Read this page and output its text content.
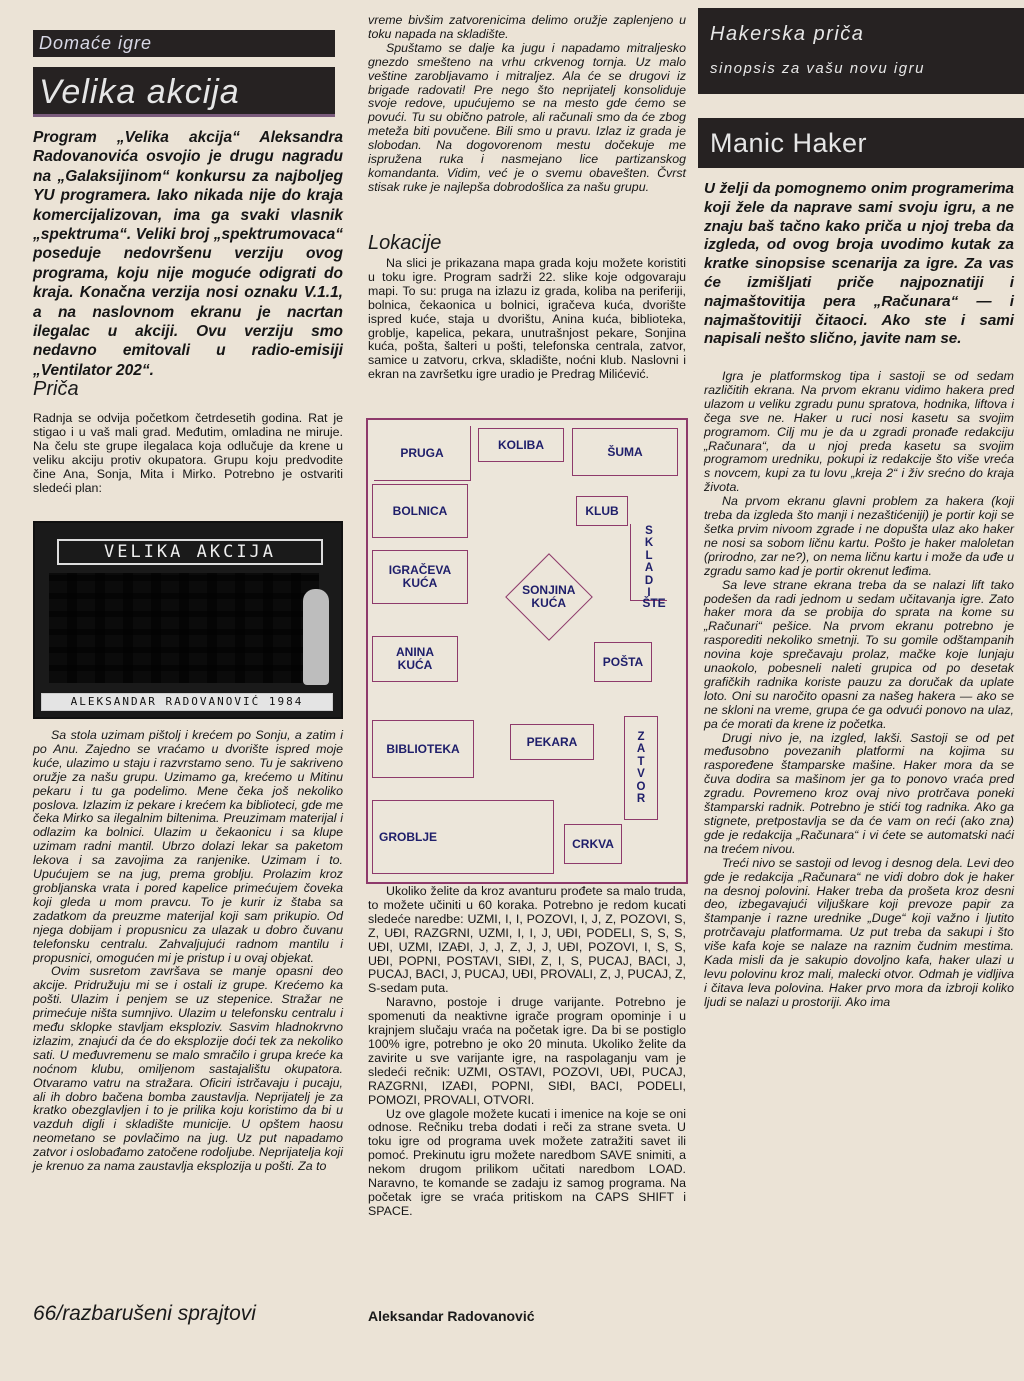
Domaće igre
Velika akcija

Program „Velika akcija“ Aleksandra Radovanovića osvojio je drugu nagradu na „Galaksijinom“ konkursu za najbolјeg YU programera. Iako nikada nije do kraja komercijalizovan, ima ga svaki vlasnik „spektruma“. Veliki broj „spektrumovaca“ poseduje nedovršenu verziju ovog programa, koju nije moguće odigrati do kraja. Konačna verzija nosi oznaku V.1.1, a na naslovnom ekranu je nacrtan ilegalac u akciji. Ovu verziju smo nedavno emitovali u radio-emisiji „Ventilator 202“.

Priča

Radnja se odvija početkom četrdesetih godina. Rat je stigao i u vaš mali grad. Međutim, omladina ne miruje. Na čelu ste grupe ilegalaca koja odlučuje da krene u veliku akciju protiv okupatora. Grupu koju predvodite čine Ana, Sonja, Mita i Mirko. Potrebno je ostvariti sledeći plan:

VELIKA AKCIJA
ALEKSANDAR RADOVANOVIĆ 1984

Sa stola uzimam pištolj i krećem po Sonju, a zatim i po Anu. Zajedno se vraćamo u dvorište ispred moje kuće, ulazimo u staju i razvrstamo seno. Tu je sakriveno oružje za našu grupu. Uzimamo ga, krećemo u Mitinu pekaru i tu ga podelimo. Mene čeka još nekoliko poslova. Izlazim iz pekare i krećem ka biblioteci, gde me čeka Mirko sa ilegalnim biltenima. Preuzimam materijal i odlazim ka bolnici. Ulazim u čekaonicu i sa klupe uzimam radni mantil. Ubrzo dolazi lekar sa paketom lekova i sa zavojima za ranjenike. Uzimam i to. Upućujem se na jug, prema groblju. Prolazim kroz grobljanska vrata i pored kapelice primećujem čoveka koji gleda u mom pravcu. To je kurir iz štaba sa zadatkom da preuzme materijal koji sam prikupio. Od njega dobijam i propusnicu za ulazak u dobro čuvanu telefonsku centralu. Zahvaljujući radnom mantilu i propusnici, omogućen mi je pristup i u ovaj objekat.

Ovim susretom završava se manje opasni deo akcije. Pridružuju mi se i ostali iz grupe. Krećemo ka pošti. Ulazim i penjem se uz stepenice. Stražar ne primećuje ništa sumnjivo. Ulazim u telefonsku centralu i među sklopke stavljam eksploziv. Sasvim hladnokrvno izlazim, znajući da će do eksplozije doći tek za nekoliko sati. U međuvremenu se malo smračilo i grupa kreće ka noćnom klubu, omiljenom sastajalištu okupatora. Otvaramo vatru na stražara. Oficiri istrčavaju i pucaju, ali ih dobro bačena bomba zaustavlja. Neprijatelj je za kratko obezglavljen i to je prilika koju koristimo da bi u vazduh digli i skladište municije. U opštem haosu neometano se povlačimo na jug. Uz put napadamo zatvor i oslobađamo zatočene rodoljube. Neprijatelja koji je krenuo za nama zaustavlja eksplozija u pošti. Za to

66/razbarušeni sprajtovi

vreme bivšim zatvorenicima delimo oružje zaplenjeno u toku napada na skladište.

Spuštamo se dalje ka jugu i napadamo mitraljesko gnezdo smešteno na vrhu crkvenog tornja. Uz malo veštine zarobljavamo i mitraljez. Ala će se drugovi iz brigade radovati! Pre nego što neprijatelj konsoliduje svoje redove, upućujemo se na mesto gde ćemo se povući. Tu su obično patrole, ali računali smo da će zbog meteža biti povučene. Bili smo u pravu. Izlaz iz grada je slobodan. Na dogovorenom mestu dočekuje me ispružena ruka i nasmejano lice partizanskog komandanta. Vidim, već je o svemu obavešten. Čvrst stisak ruke je najlepša dobrodošlica za našu grupu.

Lokacije

Na slici je prikazana mapa grada koju možete koristiti u toku igre. Program sadrži 22. slike koje odgovaraju mapi. To su: pruga na izlazu iz grada, koliba na periferiji, bolnica, čekaonica u bolnici, igračeva kuća, dvorište ispred kuće, staja u dvorištu, Anina kuća, biblioteka, groblje, kapelica, pekara, unutrašnjost pekare, Sonjina kuća, pošta, šalteri u pošti, telefonska centrala, zatvor, samice u zatvoru, crkva, skladište, noćni klub. Naslovni i ekran na završetku igre uradio je Predrag Milićević.

PRUGA
KOLIBA	ŠUMA
BOLNICA	KLUB
S
K
L
A
D
I
ŠTE
IGRAČEVA
KUĆA	SONJINA
KUĆA
ANINA
KUĆA	POŠTA
BIBLIOTEKA	PEKARA	Z
A
T
V
O
R
GROBLJE	CRKVA

Ukoliko želite da kroz avanturu prođete sa malo truda, to možete učiniti u 60 koraka. Potrebno je redom kucati sledeće naredbe: UZMI, I, I, POZOVI, I, J, Z, POZOVI, S, Z, UĐI, RAZGRNI, UZMI, I, I, J, UĐI, PODELI, S, S, S, UĐI, UZMI, IZAĐI, J, J, Z, J, J, UĐI, POZOVI, I, S, S, UĐI, POPNI, POSTAVI, SIĐI, Z, I, S, PUCAJ, BACI, J, PUCAJ, BACI, J, PUCAJ, UĐI, PROVALI, Z, J, PUCAJ, Z, S-sedam puta.

Naravno, postoje i druge varijante. Potrebno je spomenuti da neaktivne igrače program opominje i u krajnjem slučaju vraća na početak igre. Da bi se postiglo 100% igre, potrebno je oko 20 minuta. Ukoliko želite da zavirite u sve varijante igre, na raspolaganju vam je sledeći rečnik: UZMI, OSTAVI, POZOVI, UĐI, PUCAJ, RAZGRNI, IZAĐI, POPNI, SIĐI, BACI, PODELI, POMOZI, PROVALI, OTVORI.

Uz ove glagole možete kucati i imenice na koje se oni odnose. Rečniku treba dodati i reči za strane sveta. U toku igre od programa uvek možete zatražiti savet ili pomoć. Prekinutu igru možete naredbom SAVE snimiti, a nekom drugom prilikom učitati naredbom LOAD. Naravno, te komande se zadaju iz samog programa. Na početak igre se vraća pritiskom na CAPS SHIFT i SPACE.

Aleksandar Radovanović
Hakerska priča
sinopsis za vašu novu igru
Manic Haker

U želji da pomognemo onim programerima koji žele da naprave sami svoju igru, a ne znaju baš tačno kako priča u njoj treba da izgleda, od ovog broja uvodimo kutak za kratke sinopsise scenarija za igre. Za vas će izmišljati priče najpoznatiji i najmaštovitija pera „Računara“ — i najmaštovitiji čitaoci. Ako ste i sami napisali nešto slično, javite nam se.

Igra je platformskog tipa i sastoji se od sedam različitih ekrana. Na prvom ekranu vidimo hakera pred ulazom u veliku zgradu punu spratova, hodnika, liftova i čega sve ne. Haker u ruci nosi kasetu sa svojim programom. Cilj mu je da u zgradi pronađe redakciju „Računara“, da u njoj preda kasetu sa svojim programom uredniku, pokupi iz redakcije što više vreća s novcem, kupi za tu lovu „kreja 2“ i živ srećno do kraja života.

Na prvom ekranu glavni problem za hakera (koji treba da izgleda što manji i nezaštićeniji) je portir koji se šetka prvim nivoom zgrade i ne dopušta ulaz ako haker ne nosi sa sobom ličnu kartu. Pošto je haker maloletan (prirodno, zar ne?), on nema ličnu kartu i može da uđe u zgradu samo kad je portir okrenut leđima.

Sa leve strane ekrana treba da se nalazi lift tako podešen da radi jednom u sedam učitavanja igre. Zato haker mora da se probija do sprata na kome su „Računari“ pešice. Na prvom ekranu potrebno je rasporediti nekoliko smetnji. To su gomile odštampanih novina koje sprečavaju prolaz, mačke koje lunjaju unaokolo, pobesneli naleti grupica od po desetak grafičkih radnika koriste pauzu za doručak da uplate loto. Oni su naročito opasni za našeg hakera — ako se ne skloni na vreme, grupa će ga odvući ponovo na ulaz, pa će morati da krene iz početka.

Drugi nivo je, na izgled, lakši. Sastoji se od pet međusobno povezanih platformi na kojima su raspoređene štamparske mašine. Haker mora da se čuva dodira sa mašinom jer ga to ponovo vraća pred zgradu. Povremeno kroz ovaj nivo protrčava poneki štamparski radnik. Potrebno je stići tog radnika. Ako ga stignete, pretpostavlja se da će vam on reći (ako zna) gde je redakcija „Računara“ i vi ćete se automatski naći na trećem nivou.

Treći nivo se sastoji od levog i desnog dela. Levi deo gde je redakcija „Računara“ ne vidi dobro dok je haker na desnoj polovini. Haker treba da prošeta kroz desni deo, izbegavajući viljuškare koji prevoze papir za štampanje i razne urednike „Duge“ koji važno i ljutito protrčavaju platformama. Uz put treba da sakupi i što više kafa koje se nalaze na raznim čudnim mestima. Kada misli da je sakupio dovoljno kafa, haker ulazi u levu polovinu kroz mali, malecki otvor. Odmah je vidljiva i čitava leva polovina. Haker prvo mora da izbroji koliko ljudi se nalazi u prostoriji. Ako ima
